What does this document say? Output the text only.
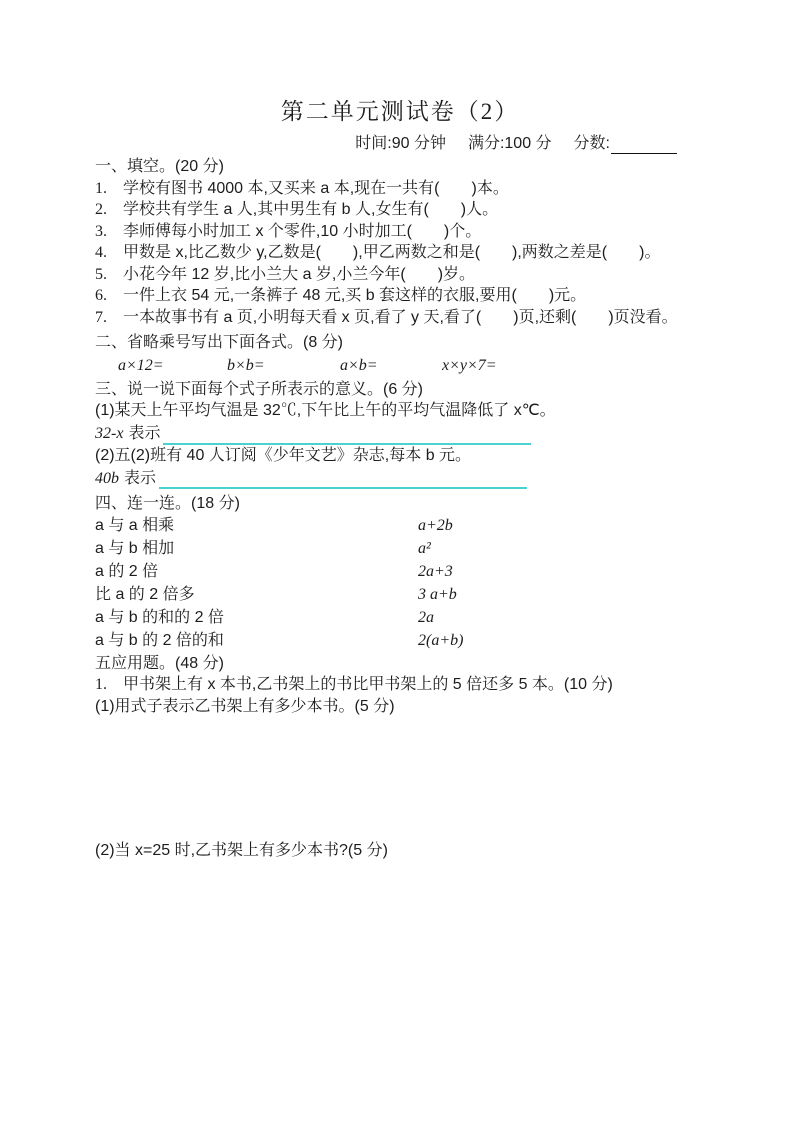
第二单元测试卷（2）
时间:90 分钟 满分:100 分 分数:
一、填空。(20 分)
1.	学校有图书 4000 本,又买来 a 本,现在一共有(　　)本。
2.	学校共有学生 a 人,其中男生有 b 人,女生有(　　)人。
3.	李师傅每小时加工 x 个零件,10 小时加工(　　)个。
4.	甲数是 x,比乙数少 y,乙数是(　　),甲乙两数之和是(　　),两数之差是(　　)。
5.	小花今年 12 岁,比小兰大 a 岁,小兰今年(　　)岁。
6.	一件上衣 54 元,一条裤子 48 元,买 b 套这样的衣服,要用(　　)元。
7.	一本故事书有 a 页,小明每天看 x 页,看了 y 天,看了(　　)页,还剩(　　)页没看。
二、省略乘号写出下面各式。(8 分)
a×12=	b×b=	a×b=	x×y×7=
三、说一说下面每个式子所表示的意义。(6 分)
(1)某天上午平均气温是 32℃,下午比上午的平均气温降低了 x℃。
32-x 表示
(2)五(2)班有 40 人订阅《少年文艺》杂志,每本 b 元。
40b 表示
四、连一连。(18 分)
a 与 a 相乘	a+2b
a 与 b 相加	a²
a 的 2 倍	2a+3
比 a 的 2 倍多	3 a+b
a 与 b 的和的 2 倍	2a
a 与 b 的 2 倍的和	2(a+b)
五应用题。(48 分)
1.	甲书架上有 x 本书,乙书架上的书比甲书架上的 5 倍还多 5 本。(10 分)
(1)用式子表示乙书架上有多少本书。(5 分)
(2)当 x=25 时,乙书架上有多少本书?(5 分)
